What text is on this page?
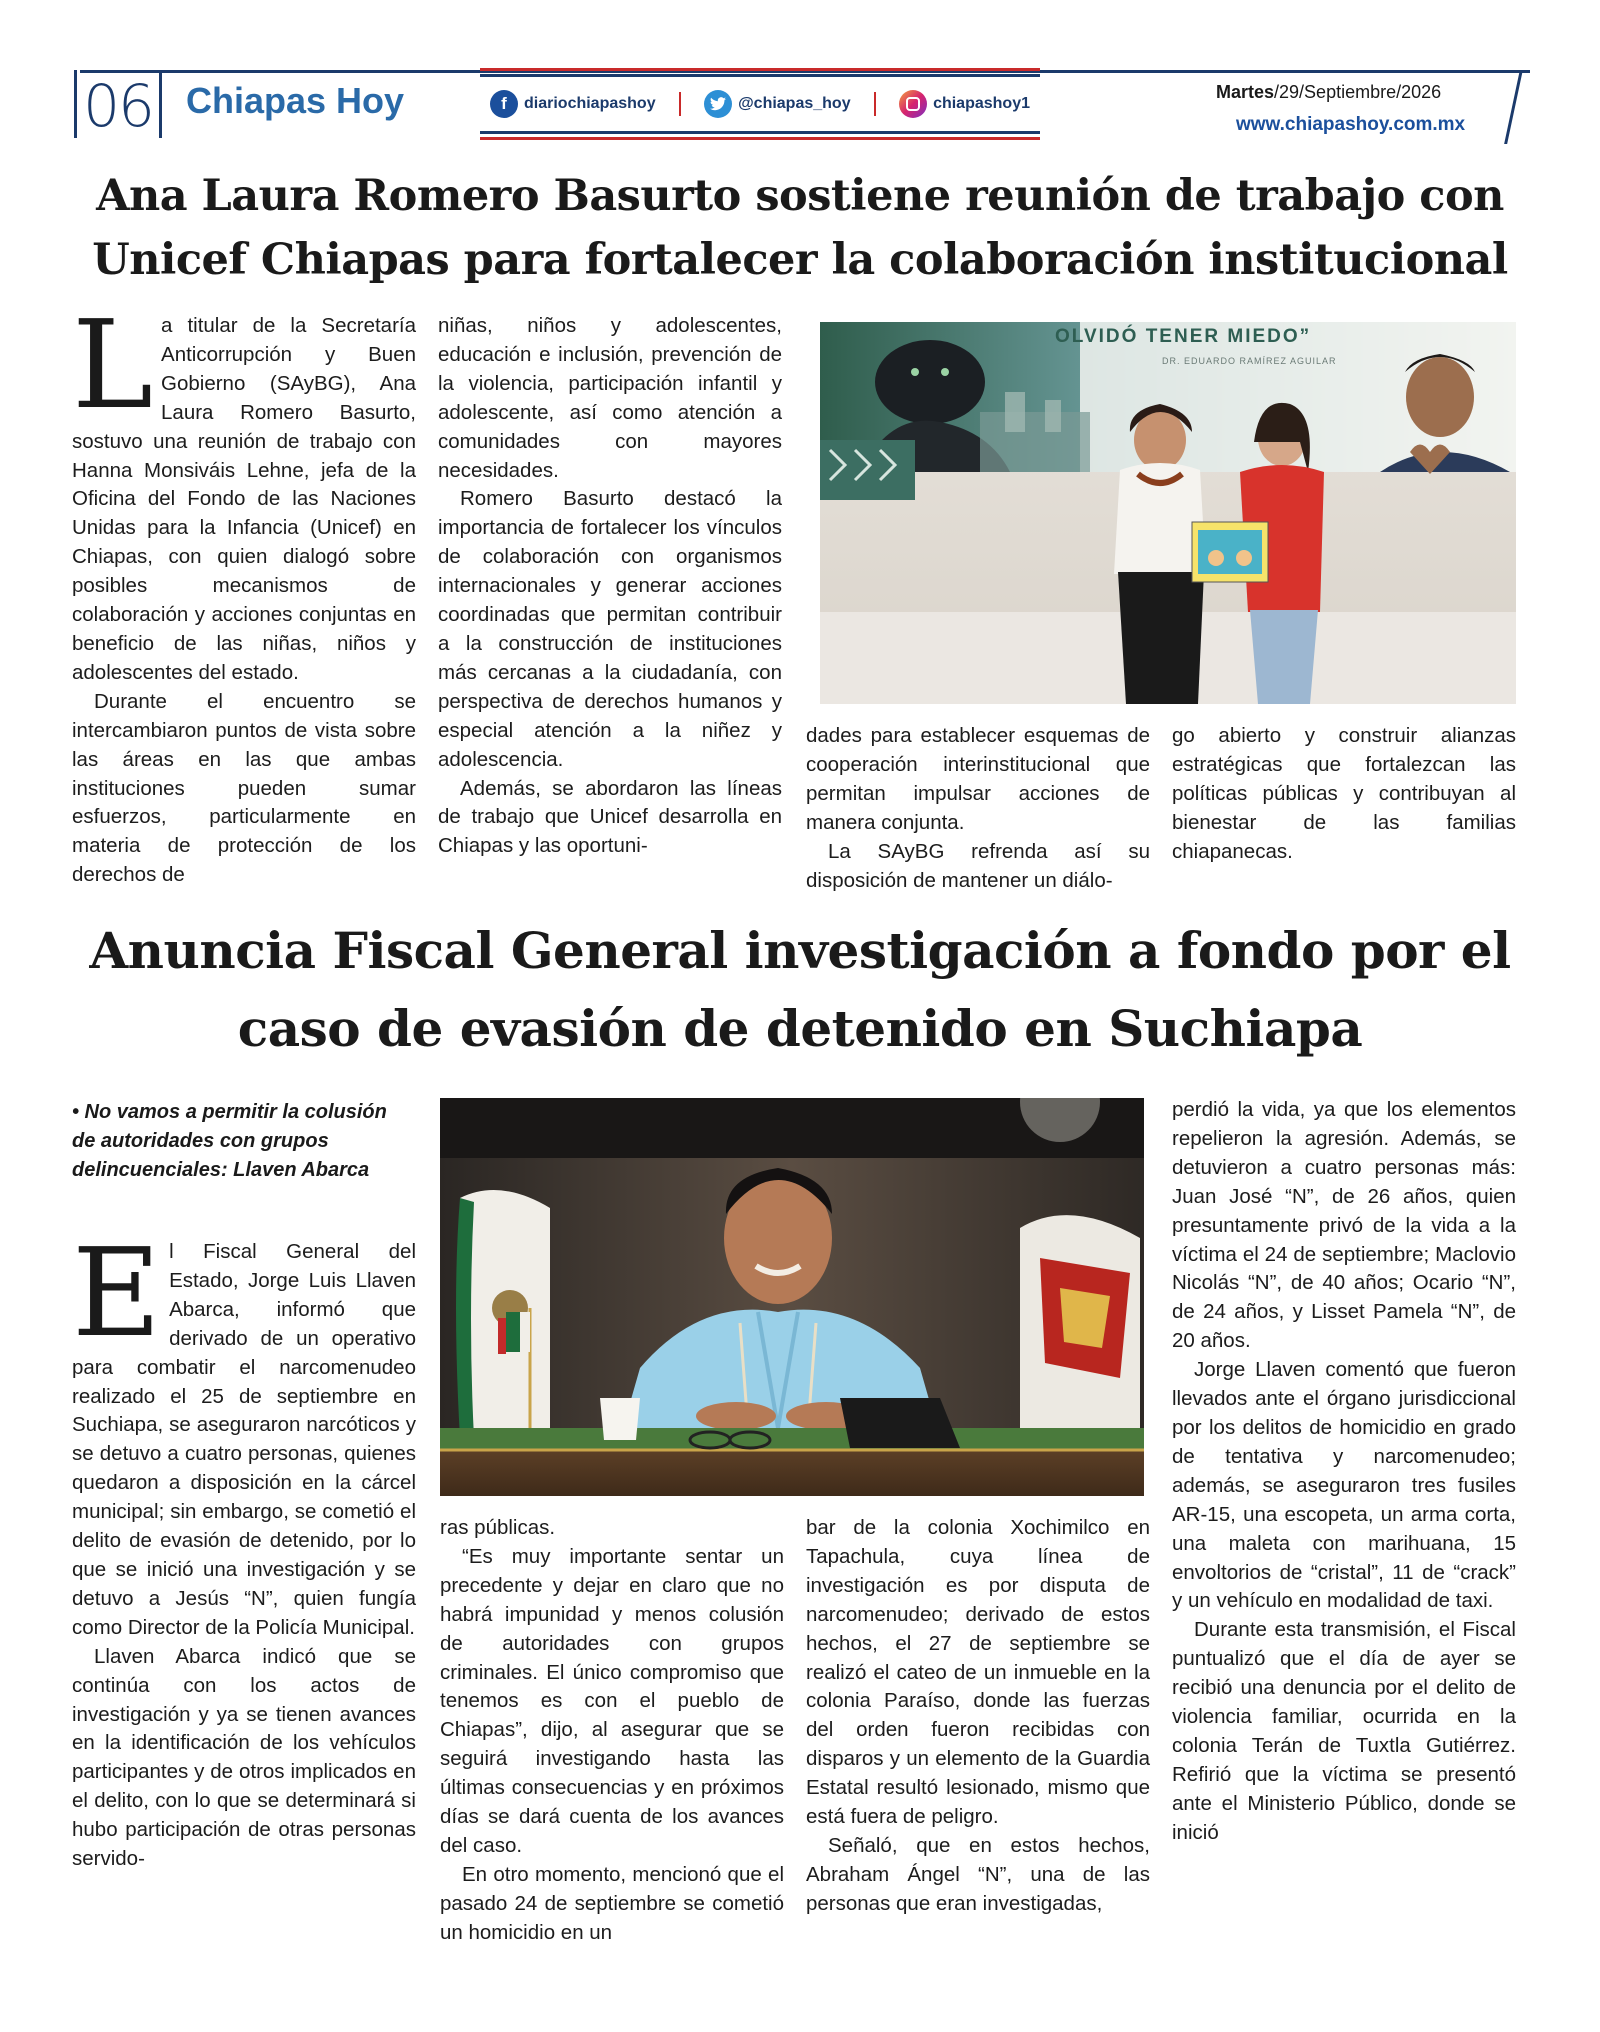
06 Chiapas Hoy	f	diariochiapashoy	@chiapas_hoy	chiapashoy1
Martes/29/Septiembre/2026
www.chiapashoy.com.mx
Ana Laura Romero Basurto sostiene reunión de trabajo con
Unicef Chiapas para fortalecer la colaboración institucional

La titular de la Secretaría Anticorrupción y Buen Gobierno (SAyBG), Ana Laura Romero Basurto, sostuvo una reunión de trabajo con Hanna Monsiváis Lehne, jefa de la Oficina del Fondo de las Naciones Unidas para la Infancia (Unicef) en Chiapas, con quien dialogó sobre posibles mecanismos de colaboración y acciones conjuntas en beneficio de las niñas, niños y adolescentes del estado.

Durante el encuentro se intercambiaron puntos de vista sobre las áreas en las que ambas instituciones pueden sumar esfuerzos, particularmente en materia de protección de los derechos de

niñas, niños y adolescentes, educación e inclusión, prevención de la violencia, participación infantil y adolescente, así como atención a comunidades con mayores necesidades.

Romero Basurto destacó la importancia de fortalecer los vínculos de colaboración con organismos internacionales y generar acciones coordinadas que permitan contribuir a la construcción de instituciones más cercanas a la ciudadanía, con perspectiva de derechos humanos y especial atención a la niñez y adolescencia.

Además, se abordaron las líneas de trabajo que Unicef desarrolla en Chiapas y las oportuni-

OLVIDÓ TENER MIEDO”
DR. EDUARDO RAMÍREZ AGUILAR

dades para establecer esquemas de cooperación interinstitucional que permitan impulsar acciones de manera conjunta.

La SAyBG refrenda así su disposición de mantener un diálo-

go abierto y construir alianzas estratégicas que fortalezcan las políticas públicas y contribuyan al bienestar de las familias chiapanecas.

Anuncia Fiscal General investigación a fondo por el
caso de evasión de detenido en Suchiapa
• No vamos a permitir la colusión de autoridades con grupos delincuenciales: Llaven Abarca

El Fiscal General del Estado, Jorge Luis Llaven Abarca, informó que derivado de un operativo para combatir el narcomenudeo realizado el 25 de septiembre en Suchiapa, se aseguraron narcóticos y se detuvo a cuatro personas, quienes quedaron a disposición en la cárcel municipal; sin embargo, se cometió el delito de evasión de detenido, por lo que se inició una investigación y se detuvo a Jesús “N”, quien fungía como Director de la Policía Municipal.

Llaven Abarca indicó que se continúa con los actos de investigación y ya se tienen avances en la identificación de los vehículos participantes y de otros implicados en el delito, con lo que se determinará si hubo participación de otras personas servido-

ras públicas.

“Es muy importante sentar un precedente y dejar en claro que no habrá impunidad y menos colusión de autoridades con grupos criminales. El único compromiso que tenemos es con el pueblo de Chiapas”, dijo, al asegurar que se seguirá investigando hasta las últimas consecuencias y en próximos días se dará cuenta de los avances del caso.

En otro momento, mencionó que el pasado 24 de septiembre se cometió un homicidio en un

bar de la colonia Xochimilco en Tapachula, cuya línea de investigación es por disputa de narcomenudeo; derivado de estos hechos, el 27 de septiembre se realizó el cateo de un inmueble en la colonia Paraíso, donde las fuerzas del orden fueron recibidas con disparos y un elemento de la Guardia Estatal resultó lesionado, mismo que está fuera de peligro.

Señaló, que en estos hechos, Abraham Ángel “N”, una de las personas que eran investigadas,

perdió la vida, ya que los elementos repelieron la agresión. Además, se detuvieron a cuatro personas más: Juan José “N”, de 26 años, quien presuntamente privó de la vida a la víctima el 24 de septiembre; Maclovio Nicolás “N”, de 40 años; Ocario “N”, de 24 años, y Lisset Pamela “N”, de 20 años.

Jorge Llaven comentó que fueron llevados ante el órgano jurisdiccional por los delitos de homicidio en grado de tentativa y narcomenudeo; además, se aseguraron tres fusiles AR-15, una escopeta, un arma corta, una maleta con marihuana, 15 envoltorios de “cristal”, 11 de “crack” y un vehículo en modalidad de taxi.

Durante esta transmisión, el Fiscal puntualizó que el día de ayer se recibió una denuncia por el delito de violencia familiar, ocurrida en la colonia Terán de Tuxtla Gutiérrez. Refirió que la víctima se presentó ante el Ministerio Público, donde se inició
